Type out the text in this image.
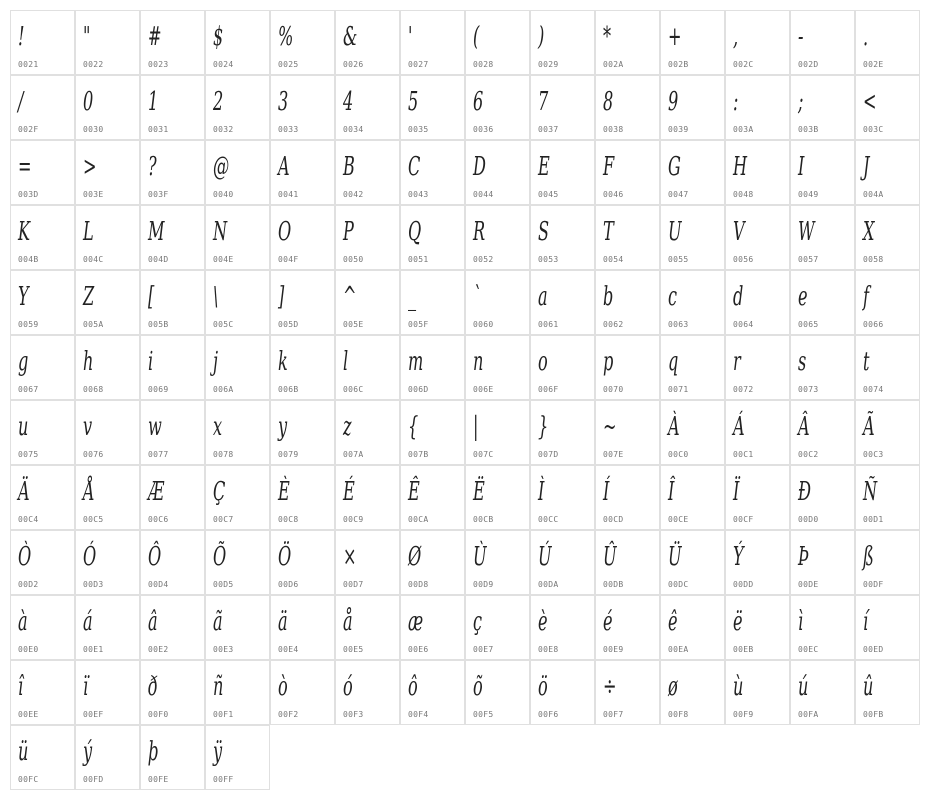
!
0021
"
0022
#
0023
$
0024
%
0025
&
0026
'
0027
(
0028
)
0029
*
002A
+
002B
,
002C
-
002D
.
002E
/
002F
0
0030
1
0031
2
0032
3
0033
4
0034
5
0035
6
0036
7
0037
8
0038
9
0039
:
003A
;
003B
<
003C
=
003D
>
003E
?
003F
@
0040
A
0041
B
0042
C
0043
D
0044
E
0045
F
0046
G
0047
H
0048
I
0049
J
004A
K
004B
L
004C
M
004D
N
004E
O
004F
P
0050
Q
0051
R
0052
S
0053
T
0054
U
0055
V
0056
W
0057
X
0058
Y
0059
Z
005A
[
005B
\
005C
]
005D
^
005E
_
005F
`
0060
a
0061
b
0062
c
0063
d
0064
e
0065
f
0066
g
0067
h
0068
i
0069
j
006A
k
006B
l
006C
m
006D
n
006E
o
006F
p
0070
q
0071
r
0072
s
0073
t
0074
u
0075
v
0076
w
0077
x
0078
y
0079
z
007A
{
007B
|
007C
}
007D
~
007E
À
00C0
Á
00C1
Â
00C2
Ã
00C3
Ä
00C4
Å
00C5
Æ
00C6
Ç
00C7
È
00C8
É
00C9
Ê
00CA
Ë
00CB
Ì
00CC
Í
00CD
Î
00CE
Ï
00CF
Ð
00D0
Ñ
00D1
Ò
00D2
Ó
00D3
Ô
00D4
Õ
00D5
Ö
00D6
×
00D7
Ø
00D8
Ù
00D9
Ú
00DA
Û
00DB
Ü
00DC
Ý
00DD
Þ
00DE
ß
00DF
à
00E0
á
00E1
â
00E2
ã
00E3
ä
00E4
å
00E5
æ
00E6
ç
00E7
è
00E8
é
00E9
ê
00EA
ë
00EB
ì
00EC
í
00ED
î
00EE
ï
00EF
ð
00F0
ñ
00F1
ò
00F2
ó
00F3
ô
00F4
õ
00F5
ö
00F6
÷
00F7
ø
00F8
ù
00F9
ú
00FA
û
00FB
ü
00FC
ý
00FD
þ
00FE
ÿ
00FF
